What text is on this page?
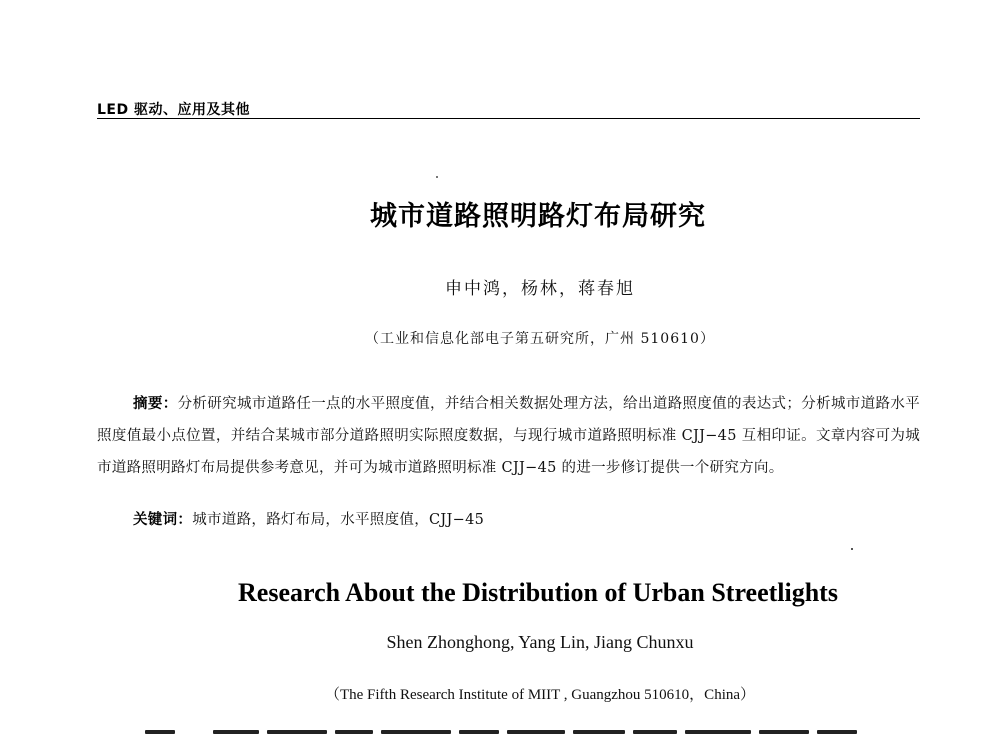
LED 驱动、应用及其他
城市道路照明路灯布局研究
申中鸿，杨林，蒋春旭
（工业和信息化部电子第五研究所，广州 510610）

摘要：分析研究城市道路任一点的水平照度值，并结合相关数据处理方法，给出道路照度值的表达式；分析城市道路水平照度值最小点位置，并结合某城市部分道路照明实际照度数据，与现行城市道路照明标准 CJJ−45 互相印证。文章内容可为城市道路照明路灯布局提供参考意见，并可为城市道路照明标准 CJJ−45 的进一步修订提供一个研究方向。

关键词：城市道路，路灯布局，水平照度值，CJJ−45
Research About the Distribution of Urban Streetlights
Shen Zhonghong, Yang Lin, Jiang Chunxu
（The Fifth Research Institute of MIIT , Guangzhou 510610，China）
